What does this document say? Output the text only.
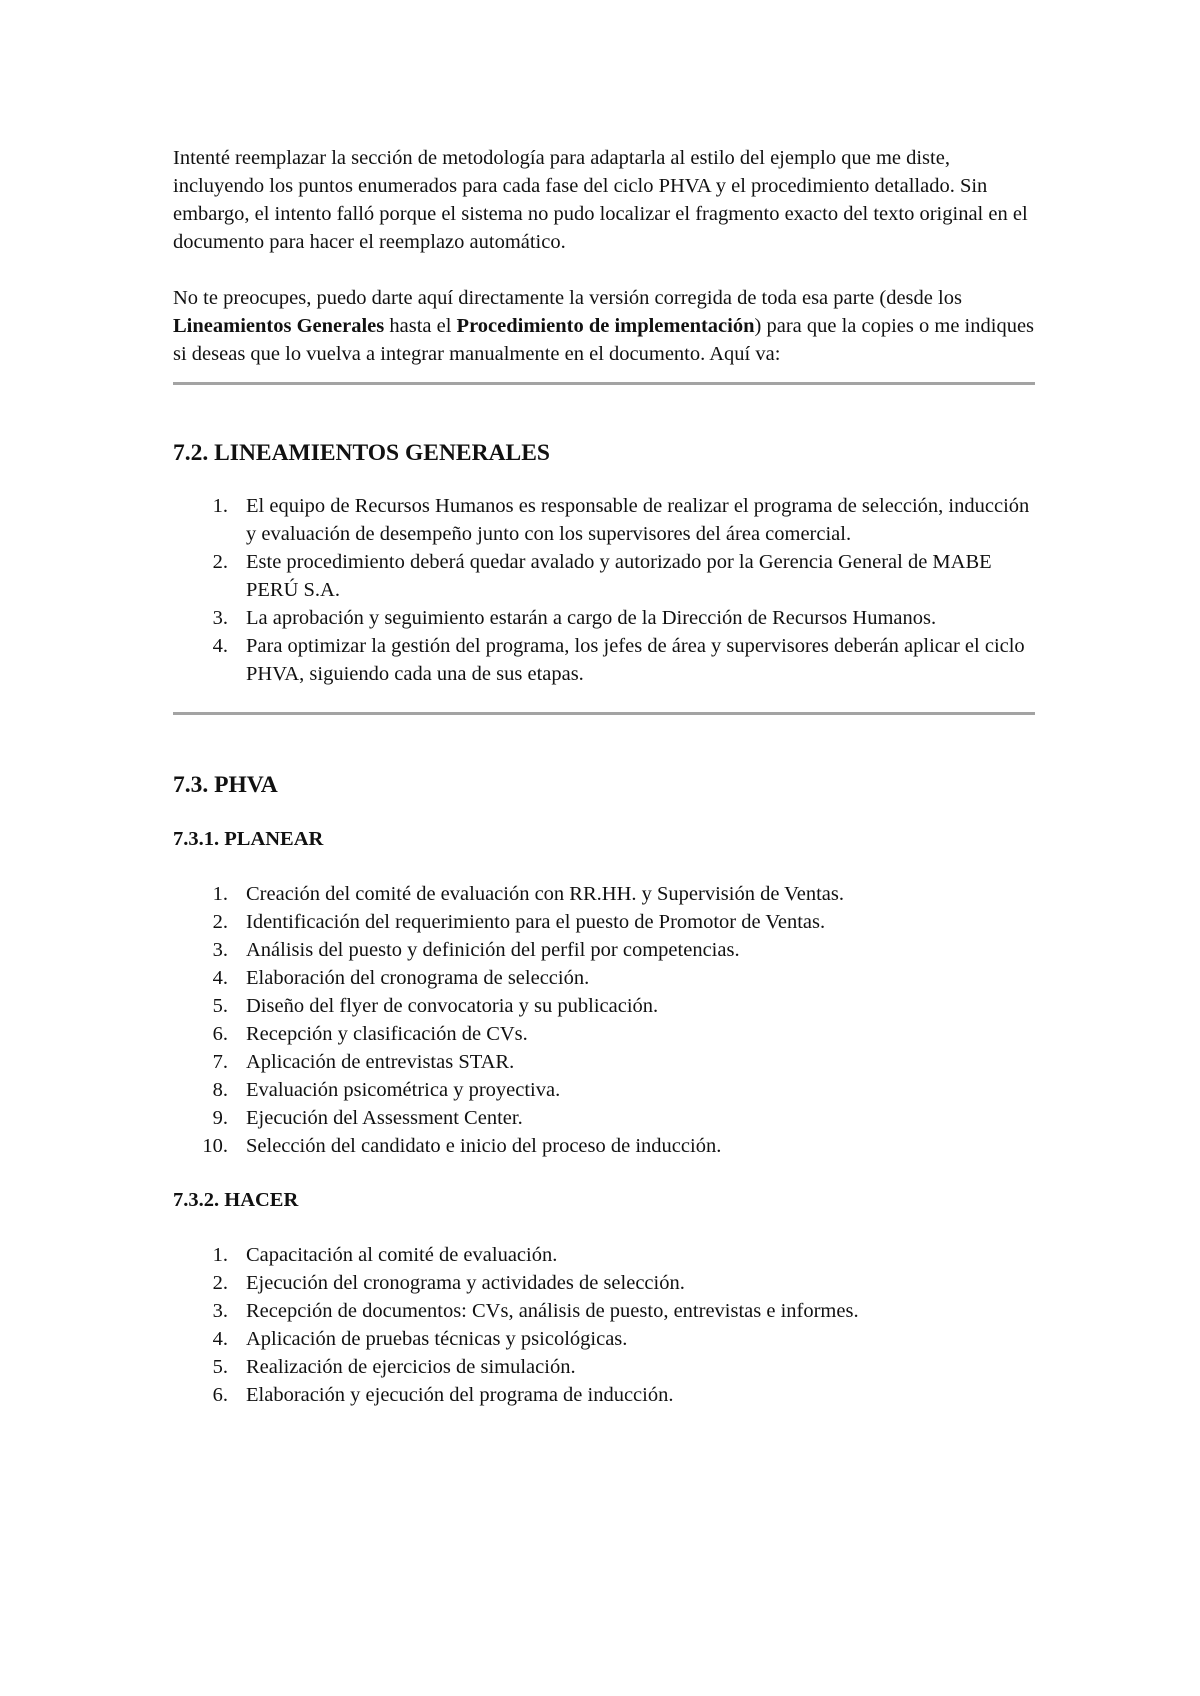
Intenté reemplazar la sección de metodología para adaptarla al estilo del ejemplo que me diste, incluyendo los puntos enumerados para cada fase del ciclo PHVA y el procedimiento detallado. Sin embargo, el intento falló porque el sistema no pudo localizar el fragmento exacto del texto original en el documento para hacer el reemplazo automático.

No te preocupes, puedo darte aquí directamente la versión corregida de toda esa parte (desde los Lineamientos Generales hasta el Procedimiento de implementación) para que la copies o me indiques si deseas que lo vuelva a integrar manualmente en el documento. Aquí va:

7.2. LINEAMIENTOS GENERALES
1. El equipo de Recursos Humanos es responsable de realizar el programa de selección, inducción y evaluación de desempeño junto con los supervisores del área comercial.
2. Este procedimiento deberá quedar avalado y autorizado por la Gerencia General de MABE PERÚ S.A.
3. La aprobación y seguimiento estarán a cargo de la Dirección de Recursos Humanos.
4. Para optimizar la gestión del programa, los jefes de área y supervisores deberán aplicar el ciclo PHVA, siguiendo cada una de sus etapas.
7.3. PHVA
7.3.1. PLANEAR
1. Creación del comité de evaluación con RR.HH. y Supervisión de Ventas.
2. Identificación del requerimiento para el puesto de Promotor de Ventas.
3. Análisis del puesto y definición del perfil por competencias.
4. Elaboración del cronograma de selección.
5. Diseño del flyer de convocatoria y su publicación.
6. Recepción y clasificación de CVs.
7. Aplicación de entrevistas STAR.
8. Evaluación psicométrica y proyectiva.
9. Ejecución del Assessment Center.
10. Selección del candidato e inicio del proceso de inducción.
7.3.2. HACER
1. Capacitación al comité de evaluación.
2. Ejecución del cronograma y actividades de selección.
3. Recepción de documentos: CVs, análisis de puesto, entrevistas e informes.
4. Aplicación de pruebas técnicas y psicológicas.
5. Realización de ejercicios de simulación.
6. Elaboración y ejecución del programa de inducción.
